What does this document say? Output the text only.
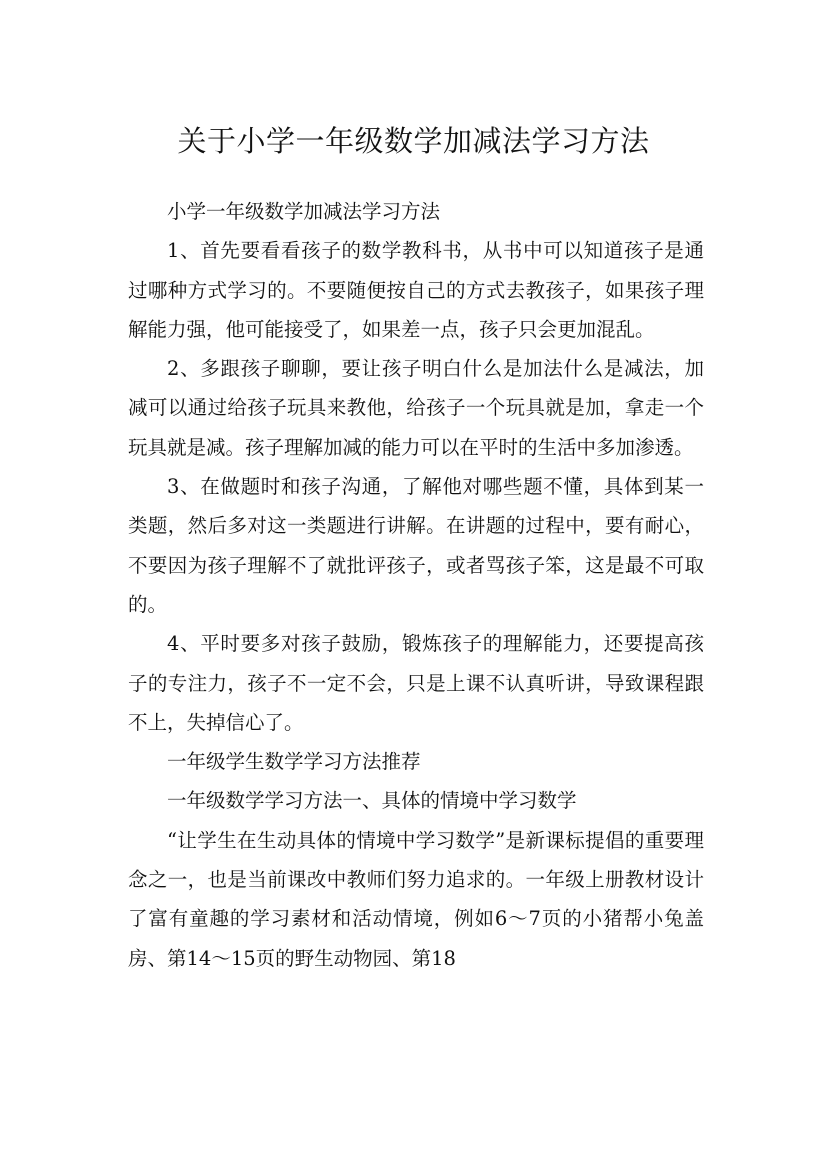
关于小学一年级数学加减法学习方法

小学一年级数学加减法学习方法

1、首先要看看孩子的数学教科书，从书中可以知道孩子是通过哪种方式学习的。不要随便按自己的方式去教孩子，如果孩子理解能力强，他可能接受了，如果差一点，孩子只会更加混乱。

2、多跟孩子聊聊，要让孩子明白什么是加法什么是减法，加减可以通过给孩子玩具来教他，给孩子一个玩具就是加，拿走一个玩具就是减。孩子理解加减的能力可以在平时的生活中多加渗透。

3、在做题时和孩子沟通，了解他对哪些题不懂，具体到某一类题，然后多对这一类题进行讲解。在讲题的过程中，要有耐心，不要因为孩子理解不了就批评孩子，或者骂孩子笨，这是最不可取的。

4、平时要多对孩子鼓励，锻炼孩子的理解能力，还要提高孩子的专注力，孩子不一定不会，只是上课不认真听讲，导致课程跟不上，失掉信心了。

一年级学生数学学习方法推荐

一年级数学学习方法一、具体的情境中学习数学

“让学生在生动具体的情境中学习数学”是新课标提倡的重要理念之一，也是当前课改中教师们努力追求的。一年级上册教材设计了富有童趣的学习素材和活动情境，例如6～7页的小猪帮小兔盖房、第14～15页的野生动物园、第18
